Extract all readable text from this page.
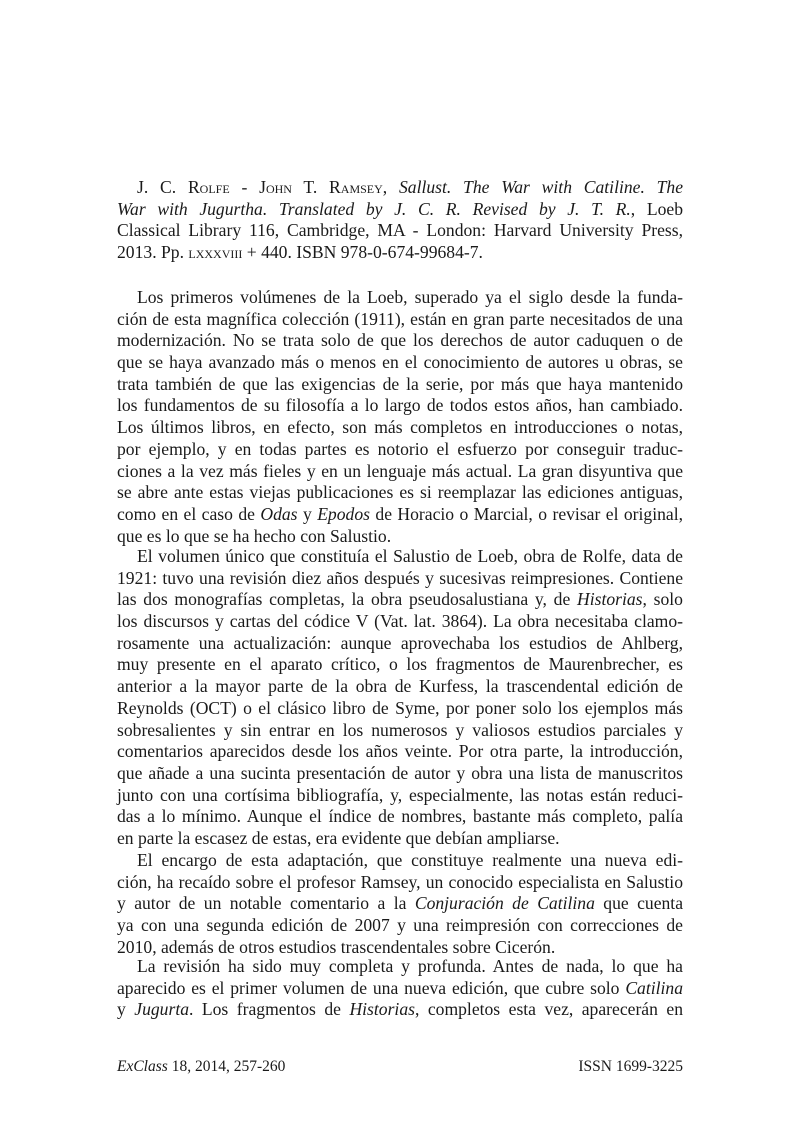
J. C. Rolfe - John T. Ramsey, Sallust. The War with Catiline. The
War with Jugurtha. Translated by J. C. R. Revised by J. T. R., Loeb
Classical Library 116, Cambridge, MA - London: Harvard University Press,
2013. Pp. lxxxviii + 440. ISBN 978-0-674-99684-7.
Los primeros volúmenes de la Loeb, superado ya el siglo desde la funda-
ción de esta magnífica colección (1911), están en gran parte necesitados de una
modernización. No se trata solo de que los derechos de autor caduquen o de
que se haya avanzado más o menos en el conocimiento de autores u obras, se
trata también de que las exigencias de la serie, por más que haya mantenido
los fundamentos de su filosofía a lo largo de todos estos años, han cambiado.
Los últimos libros, en efecto, son más completos en introducciones o notas,
por ejemplo, y en todas partes es notorio el esfuerzo por conseguir traduc-
ciones a la vez más fieles y en un lenguaje más actual. La gran disyuntiva que
se abre ante estas viejas publicaciones es si reemplazar las ediciones antiguas,
como en el caso de Odas y Epodos de Horacio o Marcial, o revisar el original,
que es lo que se ha hecho con Salustio.
El volumen único que constituía el Salustio de Loeb, obra de Rolfe, data de
1921: tuvo una revisión diez años después y sucesivas reimpresiones. Contiene
las dos monografías completas, la obra pseudosalustiana y, de Historias, solo
los discursos y cartas del códice V (Vat. lat. 3864). La obra necesitaba clamo-
rosamente una actualización: aunque aprovechaba los estudios de Ahlberg,
muy presente en el aparato crítico, o los fragmentos de Maurenbrecher, es
anterior a la mayor parte de la obra de Kurfess, la trascendental edición de
Reynolds (OCT) o el clásico libro de Syme, por poner solo los ejemplos más
sobresalientes y sin entrar en los numerosos y valiosos estudios parciales y
comentarios aparecidos desde los años veinte. Por otra parte, la introducción,
que añade a una sucinta presentación de autor y obra una lista de manuscritos
junto con una cortísima bibliografía, y, especialmente, las notas están reduci-
das a lo mínimo. Aunque el índice de nombres, bastante más completo, palía
en parte la escasez de estas, era evidente que debían ampliarse.
El encargo de esta adaptación, que constituye realmente una nueva edi-
ción, ha recaído sobre el profesor Ramsey, un conocido especialista en Salustio
y autor de un notable comentario a la Conjuración de Catilina que cuenta
ya con una segunda edición de 2007 y una reimpresión con correcciones de
2010, además de otros estudios trascendentales sobre Cicerón.
La revisión ha sido muy completa y profunda. Antes de nada, lo que ha
aparecido es el primer volumen de una nueva edición, que cubre solo Catilina
y Jugurta. Los fragmentos de Historias, completos esta vez, aparecerán en
ExClass 18, 2014, 257-260	ISSN 1699-3225
